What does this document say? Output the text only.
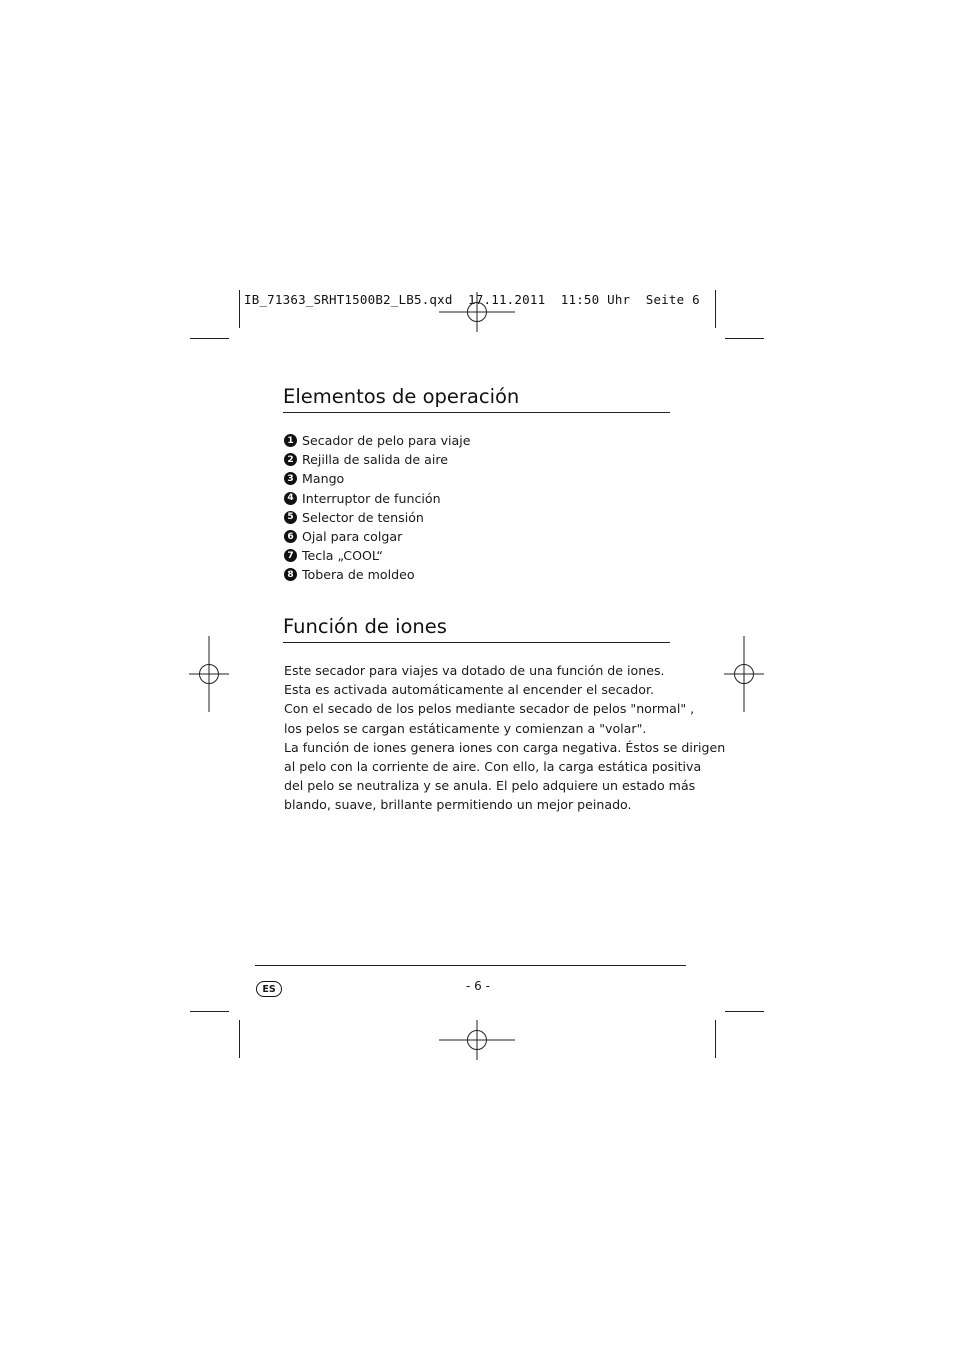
IB_71363_SRHT1500B2_LB5.qxd  17.11.2011  11:50 Uhr  Seite 6
Elementos de operación
1 Secador de pelo para viaje
2 Rejilla de salida de aire
3 Mango
4 Interruptor de función
5 Selector de tensión
6 Ojal para colgar
7 Tecla „COOL“
8 Tobera de moldeo
Función de iones
Este secador para viajes va dotado de una función de iones.
Esta es activada automáticamente al encender el secador.
Con el secado de los pelos mediante secador de pelos "normal" ,
los pelos se cargan estáticamente y comienzan a "volar".
La función de iones genera iones con carga negativa. Éstos se dirigen
al pelo con la corriente de aire. Con ello, la carga estática positiva
del pelo se neutraliza y se anula. El pelo adquiere un estado más
blando, suave, brillante permitiendo un mejor peinado.
ES	- 6 -
